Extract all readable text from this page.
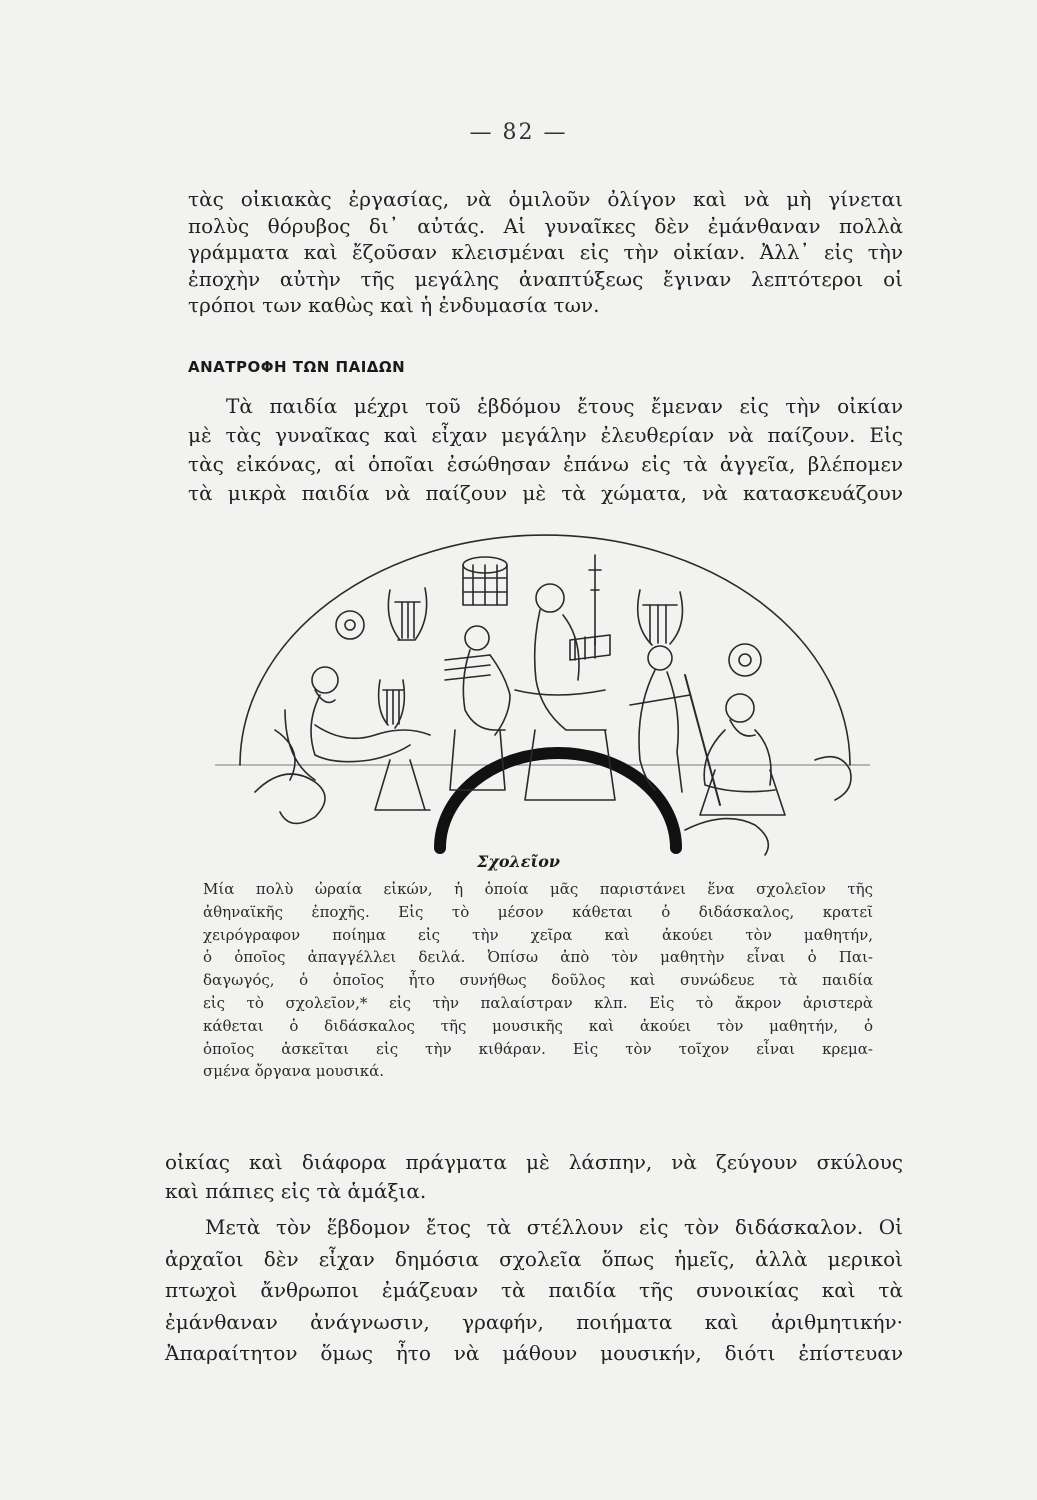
— 82 —

τὰς οἰκιακὰς ἐργασίας, νὰ ὁμιλοῦν ὀλίγον καὶ νὰ μὴ γίνεται
πολὺς θόρυβος δι᾽ αὐτάς. Αἱ γυναῖκες δὲν ἐμάνθαναν πολλὰ
γράμματα καὶ ἔζοῦσαν κλεισμέναι εἰς τὴν οἰκίαν. Ἀλλ᾽ εἰς τὴν
ἐποχὴν αὐτὴν τῆς μεγάλης ἀναπτύξεως ἔγιναν λεπτότεροι οἱ
τρόποι των καθὼς καὶ ἡ ἐνδυμασία των.

ΑΝΑΤΡΟΦΗ ΤΩΝ ΠΑΙΔΩΝ

Τὰ παιδία μέχρι τοῦ ἑβδόμου ἔτους ἔμεναν εἰς τὴν οἰκίαν
μὲ τὰς γυναῖκας καὶ εἶχαν μεγάλην ἐλευθερίαν νὰ παίζουν. Εἰς
τὰς εἰκόνας, αἱ ὁποῖαι ἐσώθησαν ἐπάνω εἰς τὰ ἀγγεῖα, βλέπομεν
τὰ μικρὰ παιδία νὰ παίζουν μὲ τὰ χώματα, νὰ κατασκευάζουν

Σχολεῖον
Μία πολὺ ὡραία εἰκών, ἡ ὁποία μᾶς παριστάνει ἕνα σχολεῖον τῆς
ἀθηναϊκῆς ἐποχῆς. Εἰς τὸ μέσον κάθεται ὁ διδάσκαλος, κρατεῖ
χειρόγραφον ποίημα εἰς τὴν χεῖρα καὶ ἀκούει τὸν μαθητήν,
ὁ ὁποῖος ἀπαγγέλλει δειλά. Ὀπίσω ἀπὸ τὸν μαθητὴν εἶναι ὁ Παι-
δαγωγός, ὁ ὁποῖος ἦτο συνήθως δοῦλος καὶ συνώδευε τὰ παιδία
εἰς τὸ σχολεῖον,* εἰς τὴν παλαίστραν κλπ. Εἰς τὸ ἄκρον ἀριστερὰ
κάθεται ὁ διδάσκαλος τῆς μουσικῆς καὶ ἀκούει τὸν μαθητήν, ὁ
ὁποῖος ἀσκεῖται εἰς τὴν κιθάραν. Εἰς τὸν τοῖχον εἶναι κρεμα-
σμένα ὄργανα μουσικά.

οἰκίας καὶ διάφορα πράγματα μὲ λάσπην, νὰ ζεύγουν σκύλους
καὶ πάπιες εἰς τὰ ἁμάξια.

Μετὰ τὸν ἕβδομον ἔτος τὰ στέλλουν εἰς τὸν διδάσκαλον. Οἱ
ἀρχαῖοι δὲν εἶχαν δημόσια σχολεῖα ὅπως ἡμεῖς, ἀλλὰ μερικοὶ
πτωχοὶ ἄνθρωποι ἐμάζευαν τὰ παιδία τῆς συνοικίας καὶ τὰ
ἐμάνθαναν ἀνάγνωσιν, γραφήν, ποιήματα καὶ ἀριθμητικήν·
Ἀπαραίτητον ὅμως ἦτο νὰ μάθουν μουσικήν, διότι ἐπίστευαν
